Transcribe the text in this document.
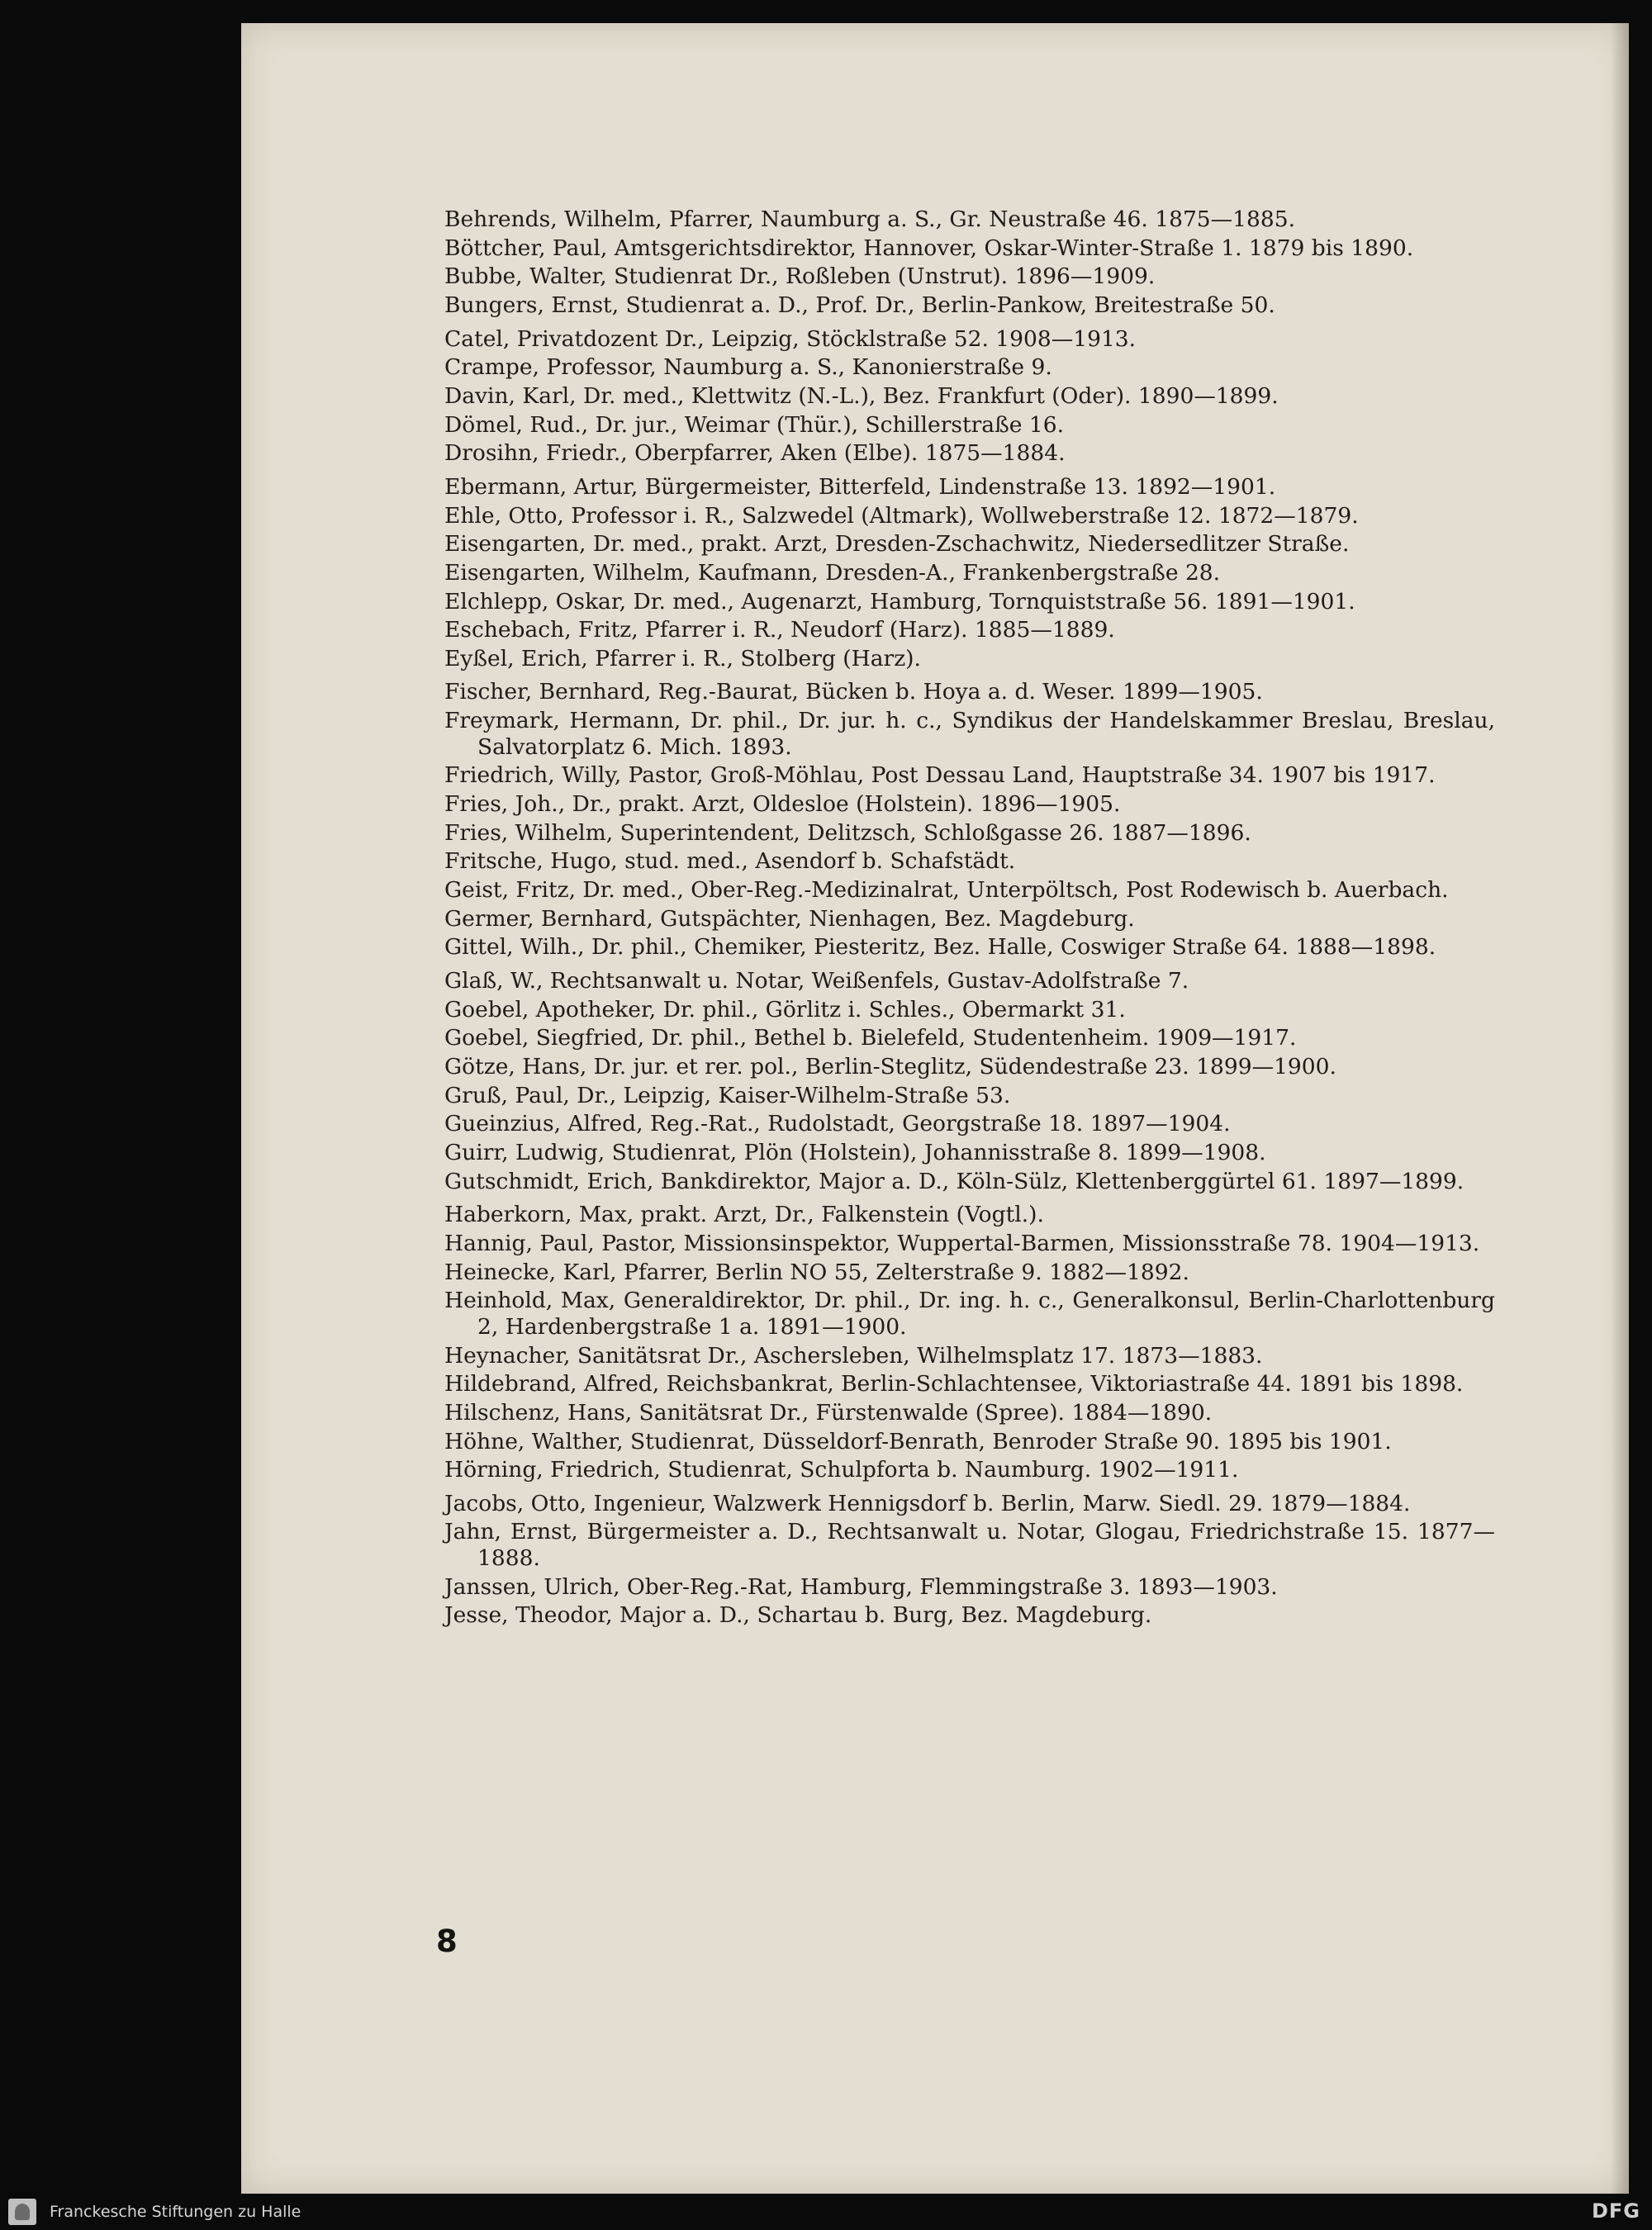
Behrends, Wilhelm, Pfarrer, Naumburg a. S., Gr. Neustraße 46. 1875—1885.
Böttcher, Paul, Amtsgerichtsdirektor, Hannover, Oskar-Winter-Straße 1. 1879 bis 1890.
Bubbe, Walter, Studienrat Dr., Roßleben (Unstrut). 1896—1909.
Bungers, Ernst, Studienrat a. D., Prof. Dr., Berlin-Pankow, Breitestraße 50.
Catel, Privatdozent Dr., Leipzig, Stöcklstraße 52. 1908—1913.
Crampe, Professor, Naumburg a. S., Kanonierstraße 9.
Davin, Karl, Dr. med., Klettwitz (N.-L.), Bez. Frankfurt (Oder). 1890—1899.
Dömel, Rud., Dr. jur., Weimar (Thür.), Schillerstraße 16.
Drosihn, Friedr., Oberpfarrer, Aken (Elbe). 1875—1884.
Ebermann, Artur, Bürgermeister, Bitterfeld, Lindenstraße 13. 1892—1901.
Ehle, Otto, Professor i. R., Salzwedel (Altmark), Wollweberstraße 12. 1872—1879.
Eisengarten, Dr. med., prakt. Arzt, Dresden-Zschachwitz, Niedersedlitzer Straße.
Eisengarten, Wilhelm, Kaufmann, Dresden-A., Frankenbergstraße 28.
Elchlepp, Oskar, Dr. med., Augenarzt, Hamburg, Tornquiststraße 56. 1891—1901.
Eschebach, Fritz, Pfarrer i. R., Neudorf (Harz). 1885—1889.
Eyßel, Erich, Pfarrer i. R., Stolberg (Harz).
Fischer, Bernhard, Reg.-Baurat, Bücken b. Hoya a. d. Weser. 1899—1905.
Freymark, Hermann, Dr. phil., Dr. jur. h. c., Syndikus der Handelskammer Breslau, Breslau, Salvatorplatz 6. Mich. 1893.
Friedrich, Willy, Pastor, Groß-Möhlau, Post Dessau Land, Hauptstraße 34. 1907 bis 1917.
Fries, Joh., Dr., prakt. Arzt, Oldesloe (Holstein). 1896—1905.
Fries, Wilhelm, Superintendent, Delitzsch, Schloßgasse 26. 1887—1896.
Fritsche, Hugo, stud. med., Asendorf b. Schafstädt.
Geist, Fritz, Dr. med., Ober-Reg.-Medizinalrat, Unterpöltsch, Post Rodewisch b. Auerbach.
Germer, Bernhard, Gutspächter, Nienhagen, Bez. Magdeburg.
Gittel, Wilh., Dr. phil., Chemiker, Piesteritz, Bez. Halle, Coswiger Straße 64. 1888—1898.
Glaß, W., Rechtsanwalt u. Notar, Weißenfels, Gustav-Adolfstraße 7.
Goebel, Apotheker, Dr. phil., Görlitz i. Schles., Obermarkt 31.
Goebel, Siegfried, Dr. phil., Bethel b. Bielefeld, Studentenheim. 1909—1917.
Götze, Hans, Dr. jur. et rer. pol., Berlin-Steglitz, Südendestraße 23. 1899—1900.
Gruß, Paul, Dr., Leipzig, Kaiser-Wilhelm-Straße 53.
Gueinzius, Alfred, Reg.-Rat., Rudolstadt, Georgstraße 18. 1897—1904.
Guirr, Ludwig, Studienrat, Plön (Holstein), Johannisstraße 8. 1899—1908.
Gutschmidt, Erich, Bankdirektor, Major a. D., Köln-Sülz, Klettenberggürtel 61. 1897—1899.
Haberkorn, Max, prakt. Arzt, Dr., Falkenstein (Vogtl.).
Hannig, Paul, Pastor, Missionsinspektor, Wuppertal-Barmen, Missionsstraße 78. 1904—1913.
Heinecke, Karl, Pfarrer, Berlin NO 55, Zelterstraße 9. 1882—1892.
Heinhold, Max, Generaldirektor, Dr. phil., Dr. ing. h. c., Generalkonsul, Berlin-Charlottenburg 2, Hardenbergstraße 1 a. 1891—1900.
Heynacher, Sanitätsrat Dr., Aschersleben, Wilhelmsplatz 17. 1873—1883.
Hildebrand, Alfred, Reichsbankrat, Berlin-Schlachtensee, Viktoriastraße 44. 1891 bis 1898.
Hilschenz, Hans, Sanitätsrat Dr., Fürstenwalde (Spree). 1884—1890.
Höhne, Walther, Studienrat, Düsseldorf-Benrath, Benroder Straße 90. 1895 bis 1901.
Hörning, Friedrich, Studienrat, Schulpforta b. Naumburg. 1902—1911.
Jacobs, Otto, Ingenieur, Walzwerk Hennigsdorf b. Berlin, Marw. Siedl. 29. 1879—1884.
Jahn, Ernst, Bürgermeister a. D., Rechtsanwalt u. Notar, Glogau, Friedrichstraße 15. 1877—1888.
Janssen, Ulrich, Ober-Reg.-Rat, Hamburg, Flemmingstraße 3. 1893—1903.
Jesse, Theodor, Major a. D., Schartau b. Burg, Bez. Magdeburg.
8
Franckesche Stiftungen zu Halle	DFG
